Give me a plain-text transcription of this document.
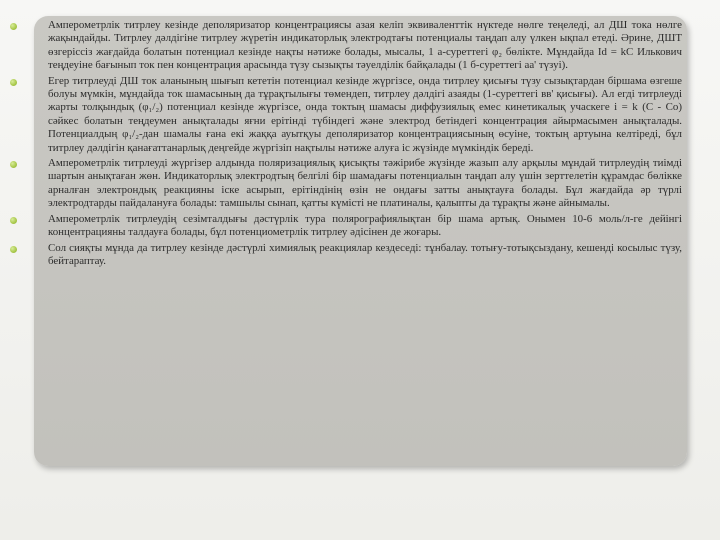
Амперометрлік титрлеу кезінде деполяризатор концентрациясы азая келіп эквиваленттік нүктеде нөлге теңеледі, ал ДШ тока нөлге жақындайды. Титрлеу дәлдігіне титрлеу жүретін индикаторлық электродтағы потенциалы таңдап алу үлкен ықпал етеді. Әрине, ДШТ өзгеріссіз жағдайда болатын потенциал кезінде нақты нәтиже болады, мысалы, 1 а-суреттегі φ₂ бөлікте. Мұндайда Id = kC Илькович теңдеуіне бағынып ток пен концентрация арасында түзу сызықты тәуелділік байқалады (1 б-суреттегі аа' түзуі).
Егер титрлеуді ДШ ток аланының шығып кететін потенциал кезінде жүргізсе, онда титрлеу қисығы түзу сызықтардан біршама өзгеше болуы мүмкін, мұндайда ток шамасының да тұрақтылығы төмендеп, титрлеу дәлдігі азаяды (1-суреттегі вв' қисығы). Ал егді титрлеуді жарты толқындық (φ₁/₂) потенциал кезінде жүргізсе, онда токтың шамасы диффузиялық емес кинетикалық учаскеге i = k (C - Co) сәйкес болатын теңдеумен анықталады яғни ерітінді түбіндегі және электрод бетіндегі концентрация айырмасымен анықталады. Потенциалдың φ₁/₂-дан шамалы ғана екі жаққа ауытқуы деполяризатор концентрациясының өсуіне, токтың артуына келтіреді, бұл титрлеу дәлдігін қанағаттанарлық деңгейде жүргізіп нақтылы нәтиже алуға іс жүзінде мүмкіндік береді.
Амперометрлік титрлеуді жүргізер алдында поляризациялық қисықты тәжірибе жүзінде жазып алу арқылы мұндай титрлеудің тиімді шартын анықтаған жөн. Индикаторлық электродтың белгілі бір шамадағы потенциалын таңдап алу үшін зерттелетін құрамдас бөлікке арналған электрондық реакцияны іске асырып, ерітіндінің өзін не ондағы затты анықтауға болады. Бұл жағдайда әр түрлі электродтарды пайдалануға болады: тамшылы сынап, қатты күмісті не платиналы, қалыпты да тұрақты және айнымалы.
Амперометрлік титрлеудің сезімталдығы дәстүрлік тура полярографиялықтан бір шама артық. Онымен 10-6 моль/л-ге дейінгі концентрацияны талдауға болады, бұл потенциометрлік титрлеу әдісінен де жоғары.
Сол сияқты мұнда да титрлеу кезінде дәстүрлі химиялық реакциялар кездеседі: тұнбалау. тотығу-тотықсыздану, кешенді косылыс түзу, бейтараптау.
